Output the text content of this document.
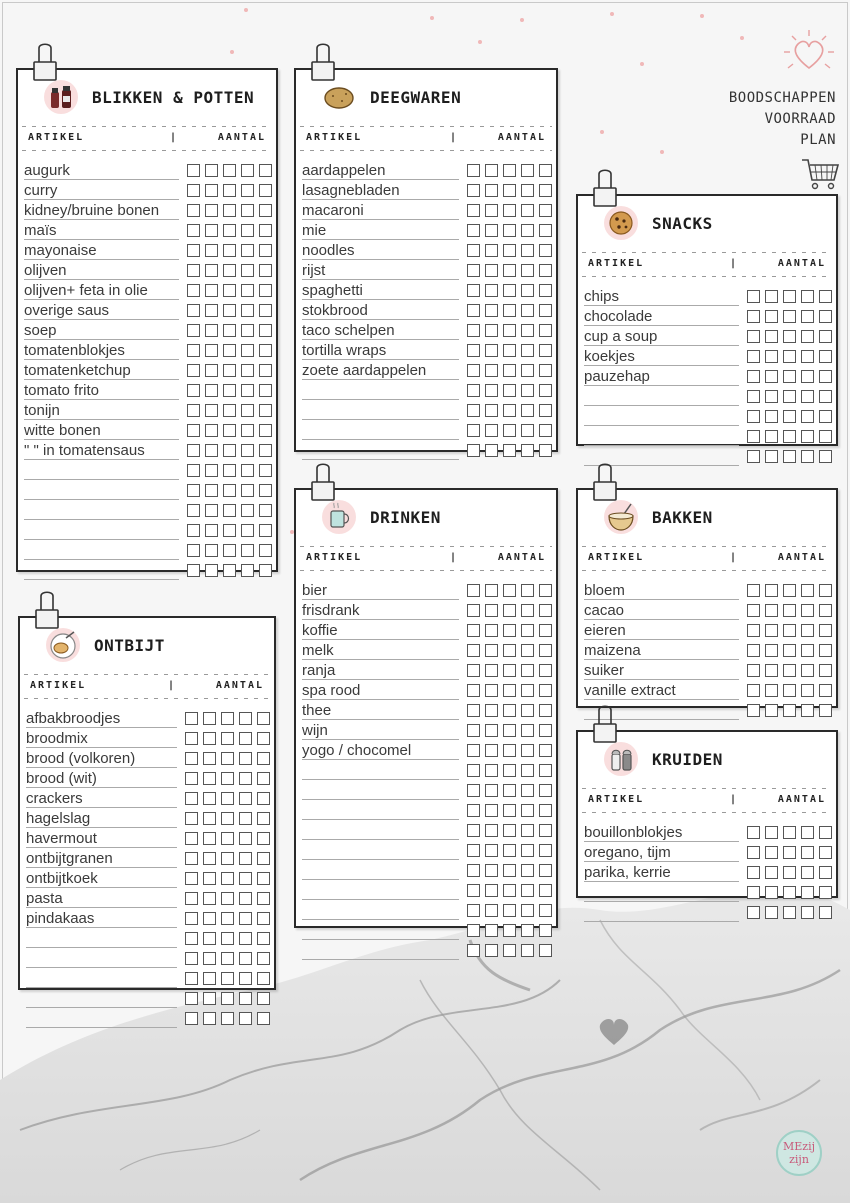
BOODSCHAPPEN
VOORRAAD
PLAN
BLIKKEN & POTTEN
ARTIKEL	|	AANTAL
augurk
curry
kidney/bruine bonen
maïs
mayonaise
olijven
olijven+ feta in olie
overige saus
soep
tomatenblokjes
tomatenketchup
tomato frito
tonijn
witte bonen
" " in tomatensaus
DEEGWAREN
ARTIKEL	|	AANTAL
aardappelen
lasagnebladen
macaroni
mie
noodles
rijst
spaghetti
stokbrood
taco schelpen
tortilla wraps
zoete aardappelen
SNACKS
ARTIKEL	|	AANTAL
chips
chocolade
cup a soup
koekjes
pauzehap
DRINKEN
ARTIKEL	|	AANTAL
bier
frisdrank
koffie
melk
ranja
spa rood
thee
wijn
yogo / chocomel
BAKKEN
ARTIKEL	|	AANTAL
bloem
cacao
eieren
maizena
suiker
vanille extract
ONTBIJT
ARTIKEL	|	AANTAL
afbakbroodjes
broodmix
brood (volkoren)
brood (wit)
crackers
hagelslag
havermout
ontbijtgranen
ontbijtkoek
pasta
pindakaas
KRUIDEN
ARTIKEL	|	AANTAL
bouillonblokjes
oregano, tijm
parika, kerrie
MEzij
zijn
